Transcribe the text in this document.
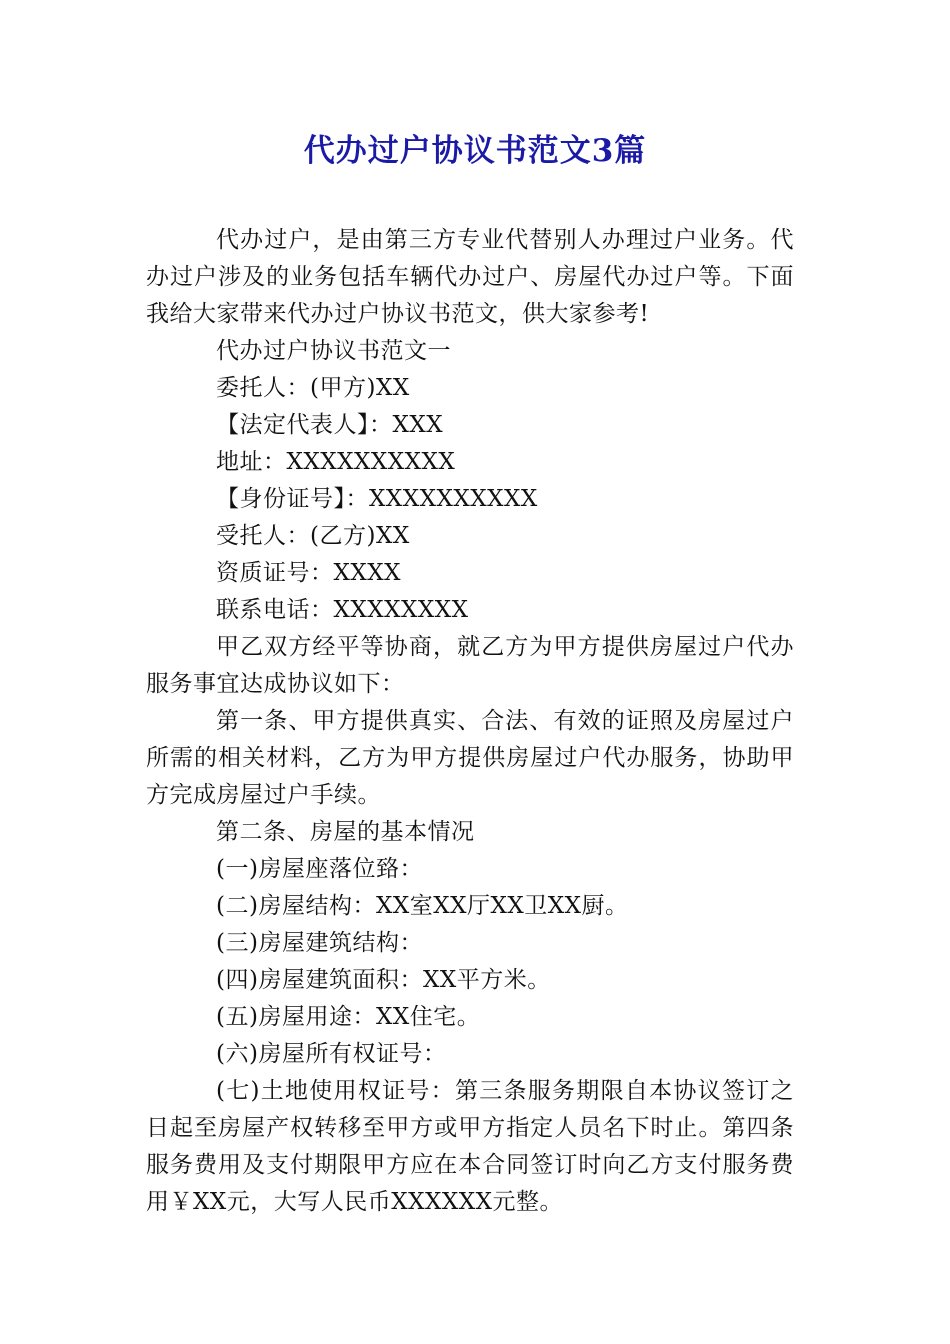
代办过户协议书范文3篇

代办过户，是由第三方专业代替别人办理过户业务。代办过户涉及的业务包括车辆代办过户、房屋代办过户等。下面我给大家带来代办过户协议书范文，供大家参考!

代办过户协议书范文一

委托人：(甲方)XX

【法定代表人】：XXX

地址：XXXXXXXXXX

【身份证号】：XXXXXXXXXX

受托人：(乙方)XX

资质证号：XXXX

联系电话：XXXXXXXX

甲乙双方经平等协商，就乙方为甲方提供房屋过户代办服务事宜达成协议如下：

第一条、甲方提供真实、合法、有效的证照及房屋过户所需的相关材料，乙方为甲方提供房屋过户代办服务，协助甲方完成房屋过户手续。

第二条、房屋的基本情况

(一)房屋座落位臵：

(二)房屋结构：XX室XX厅XX卫XX厨。

(三)房屋建筑结构：

(四)房屋建筑面积：XX平方米。

(五)房屋用途：XX住宅。

(六)房屋所有权证号：

(七)土地使用权证号：第三条服务期限自本协议签订之日起至房屋产权转移至甲方或甲方指定人员名下时止。第四条服务费用及支付期限甲方应在本合同签订时向乙方支付服务费用￥XX元，大写人民币XXXXXX元整。
